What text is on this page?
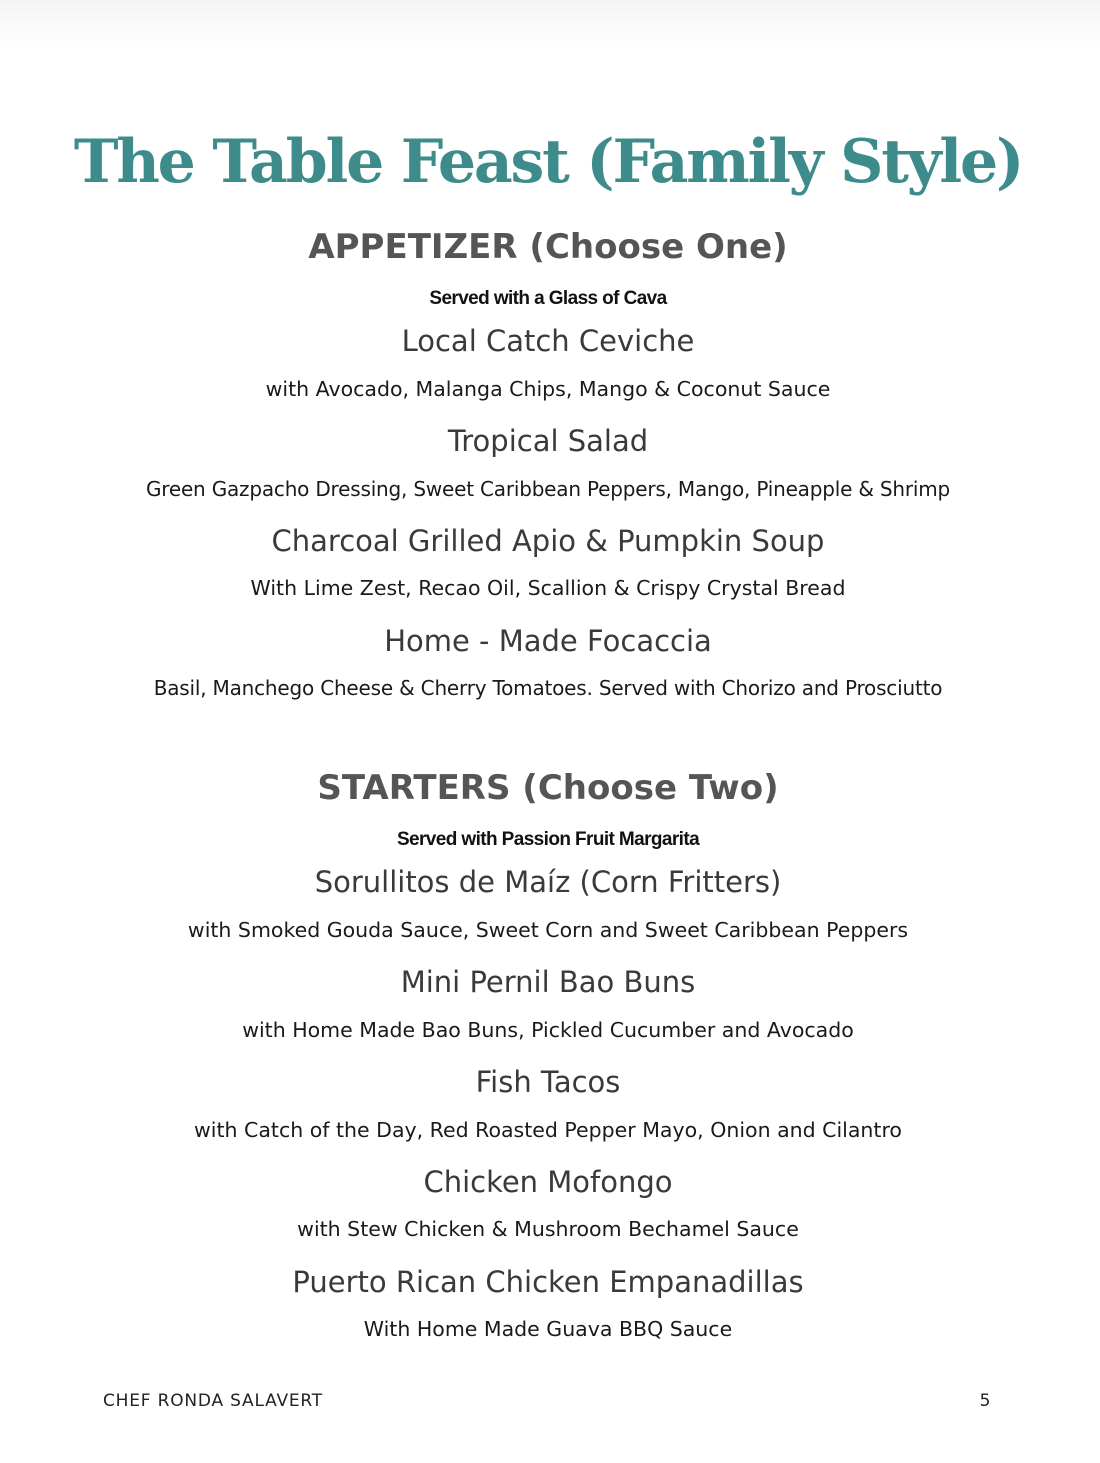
The Table Feast (Family Style)
APPETIZER (Choose One)

Served with a Glass of Cava

Local Catch Ceviche

with Avocado, Malanga Chips, Mango & Coconut Sauce

Tropical Salad

Green Gazpacho Dressing, Sweet Caribbean Peppers, Mango, Pineapple & Shrimp

Charcoal Grilled Apio & Pumpkin Soup

With Lime Zest, Recao Oil, Scallion & Crispy Crystal Bread

Home - Made Focaccia

Basil, Manchego Cheese & Cherry Tomatoes. Served with Chorizo and Prosciutto

STARTERS (Choose Two)

Served with Passion Fruit Margarita

Sorullitos de Maíz (Corn Fritters)

with Smoked Gouda Sauce, Sweet Corn and Sweet Caribbean Peppers

Mini Pernil Bao Buns

with Home Made Bao Buns, Pickled Cucumber and Avocado

Fish Tacos

with Catch of the Day, Red Roasted Pepper Mayo, Onion and Cilantro

Chicken Mofongo

with Stew Chicken & Mushroom Bechamel Sauce

Puerto Rican Chicken Empanadillas

With Home Made Guava BBQ Sauce

CHEF RONDA SALAVERT	5
